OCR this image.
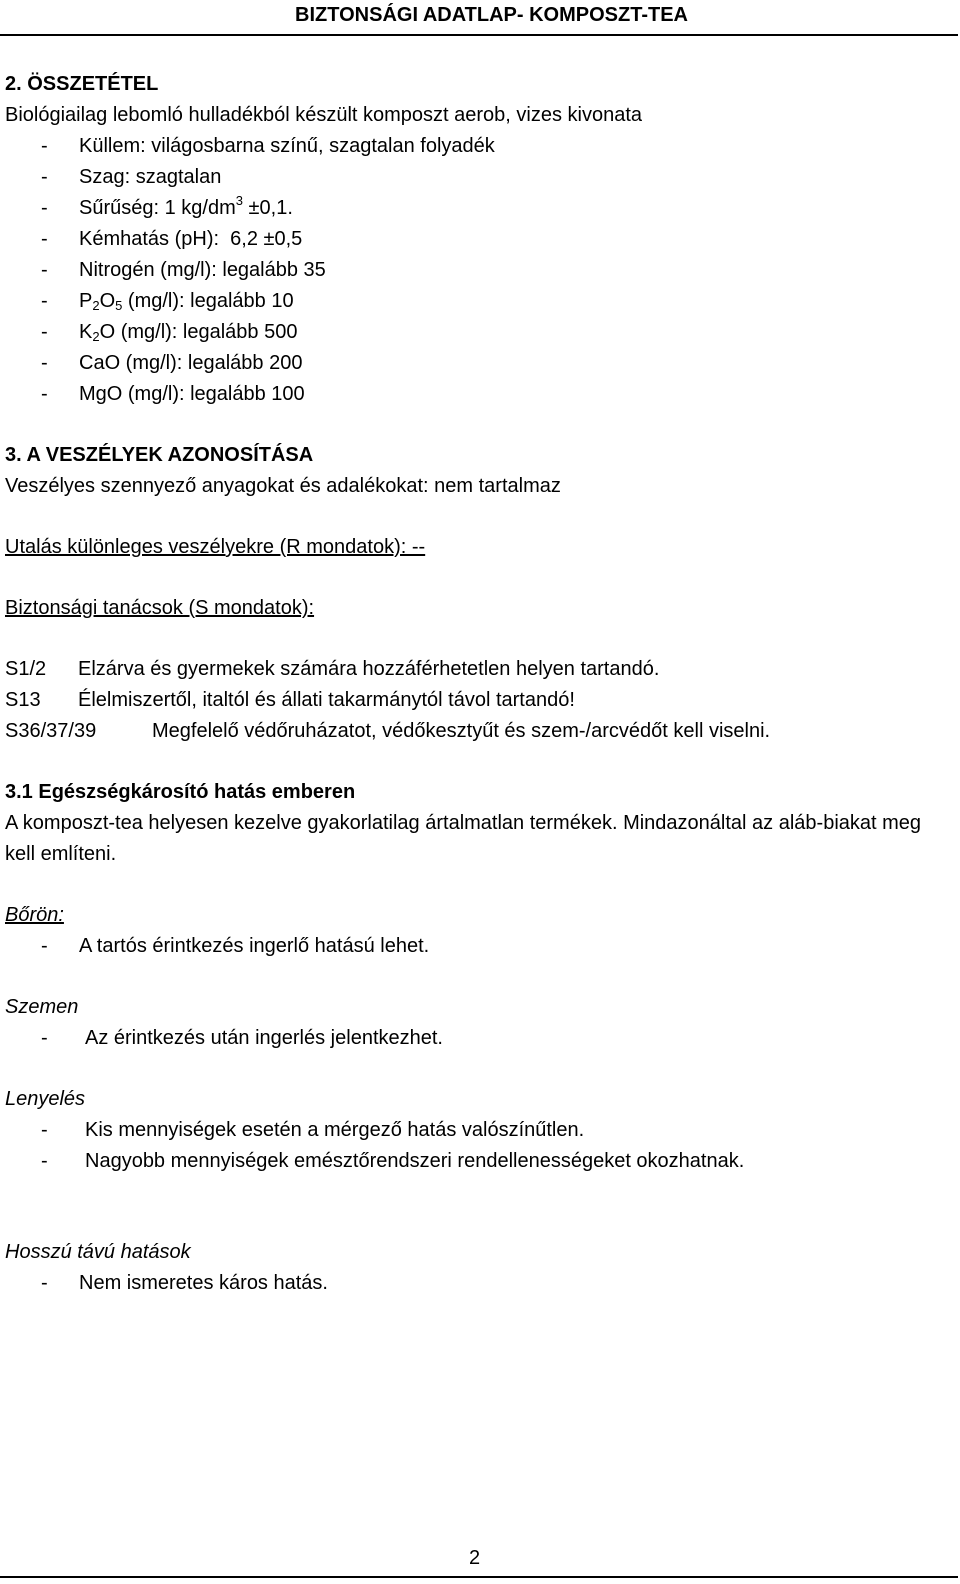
BIZTONSÁGI ADATLAP- KOMPOSZT-TEA
2. ÖSSZETÉTEL
Biológiailag lebomló hulladékból készült komposzt aerob, vizes kivonata
-	Küllem: világosbarna színű, szagtalan folyadék
-	Szag: szagtalan
-	Sűrűség: 1 $kg/dm^3 \pm 0,1$.
-	Kémhatás (pH):  6,2 ±0,5
-	Nitrogén (mg/l): legalább 35
-	$P_2O_5$ (mg/l): legalább 10
-	$K_2O$ (mg/l): legalább 500
-	CaO (mg/l): legalább 200
-	MgO (mg/l): legalább 100
3. A VESZÉLYEK AZONOSÍTÁSA
Veszélyes szennyező anyagokat és adalékokat: nem tartalmaz
Utalás különleges veszélyekre (R mondatok): --
Biztonsági tanácsok (S mondatok):
S1/2 Elzárva és gyermekek számára hozzáférhetetlen helyen tartandó.
S13 Élelmiszertől, italtól és állati takarmánytól távol tartandó!
S36/37/39	Megfelelő védőruházatot, védőkesztyűt és szem-/arcvédőt kell viselni.
3.1 Egészségkárosító hatás emberen
A komposzt-tea helyesen kezelve gyakorlatilag ártalmatlan termékek. Mindazonáltal az aláb-biakat meg kell említeni.
Bőrön:
-	A tartós érintkezés ingerlő hatású lehet.
Szemen
-	Az érintkezés után ingerlés jelentkezhet.
Lenyelés
-	Kis mennyiségek esetén a mérgező hatás valószínűtlen.
-	Nagyobb mennyiségek emésztőrendszeri rendellenességeket okozhatnak.
Hosszú távú hatások
-	Nem ismeretes káros hatás.
2
